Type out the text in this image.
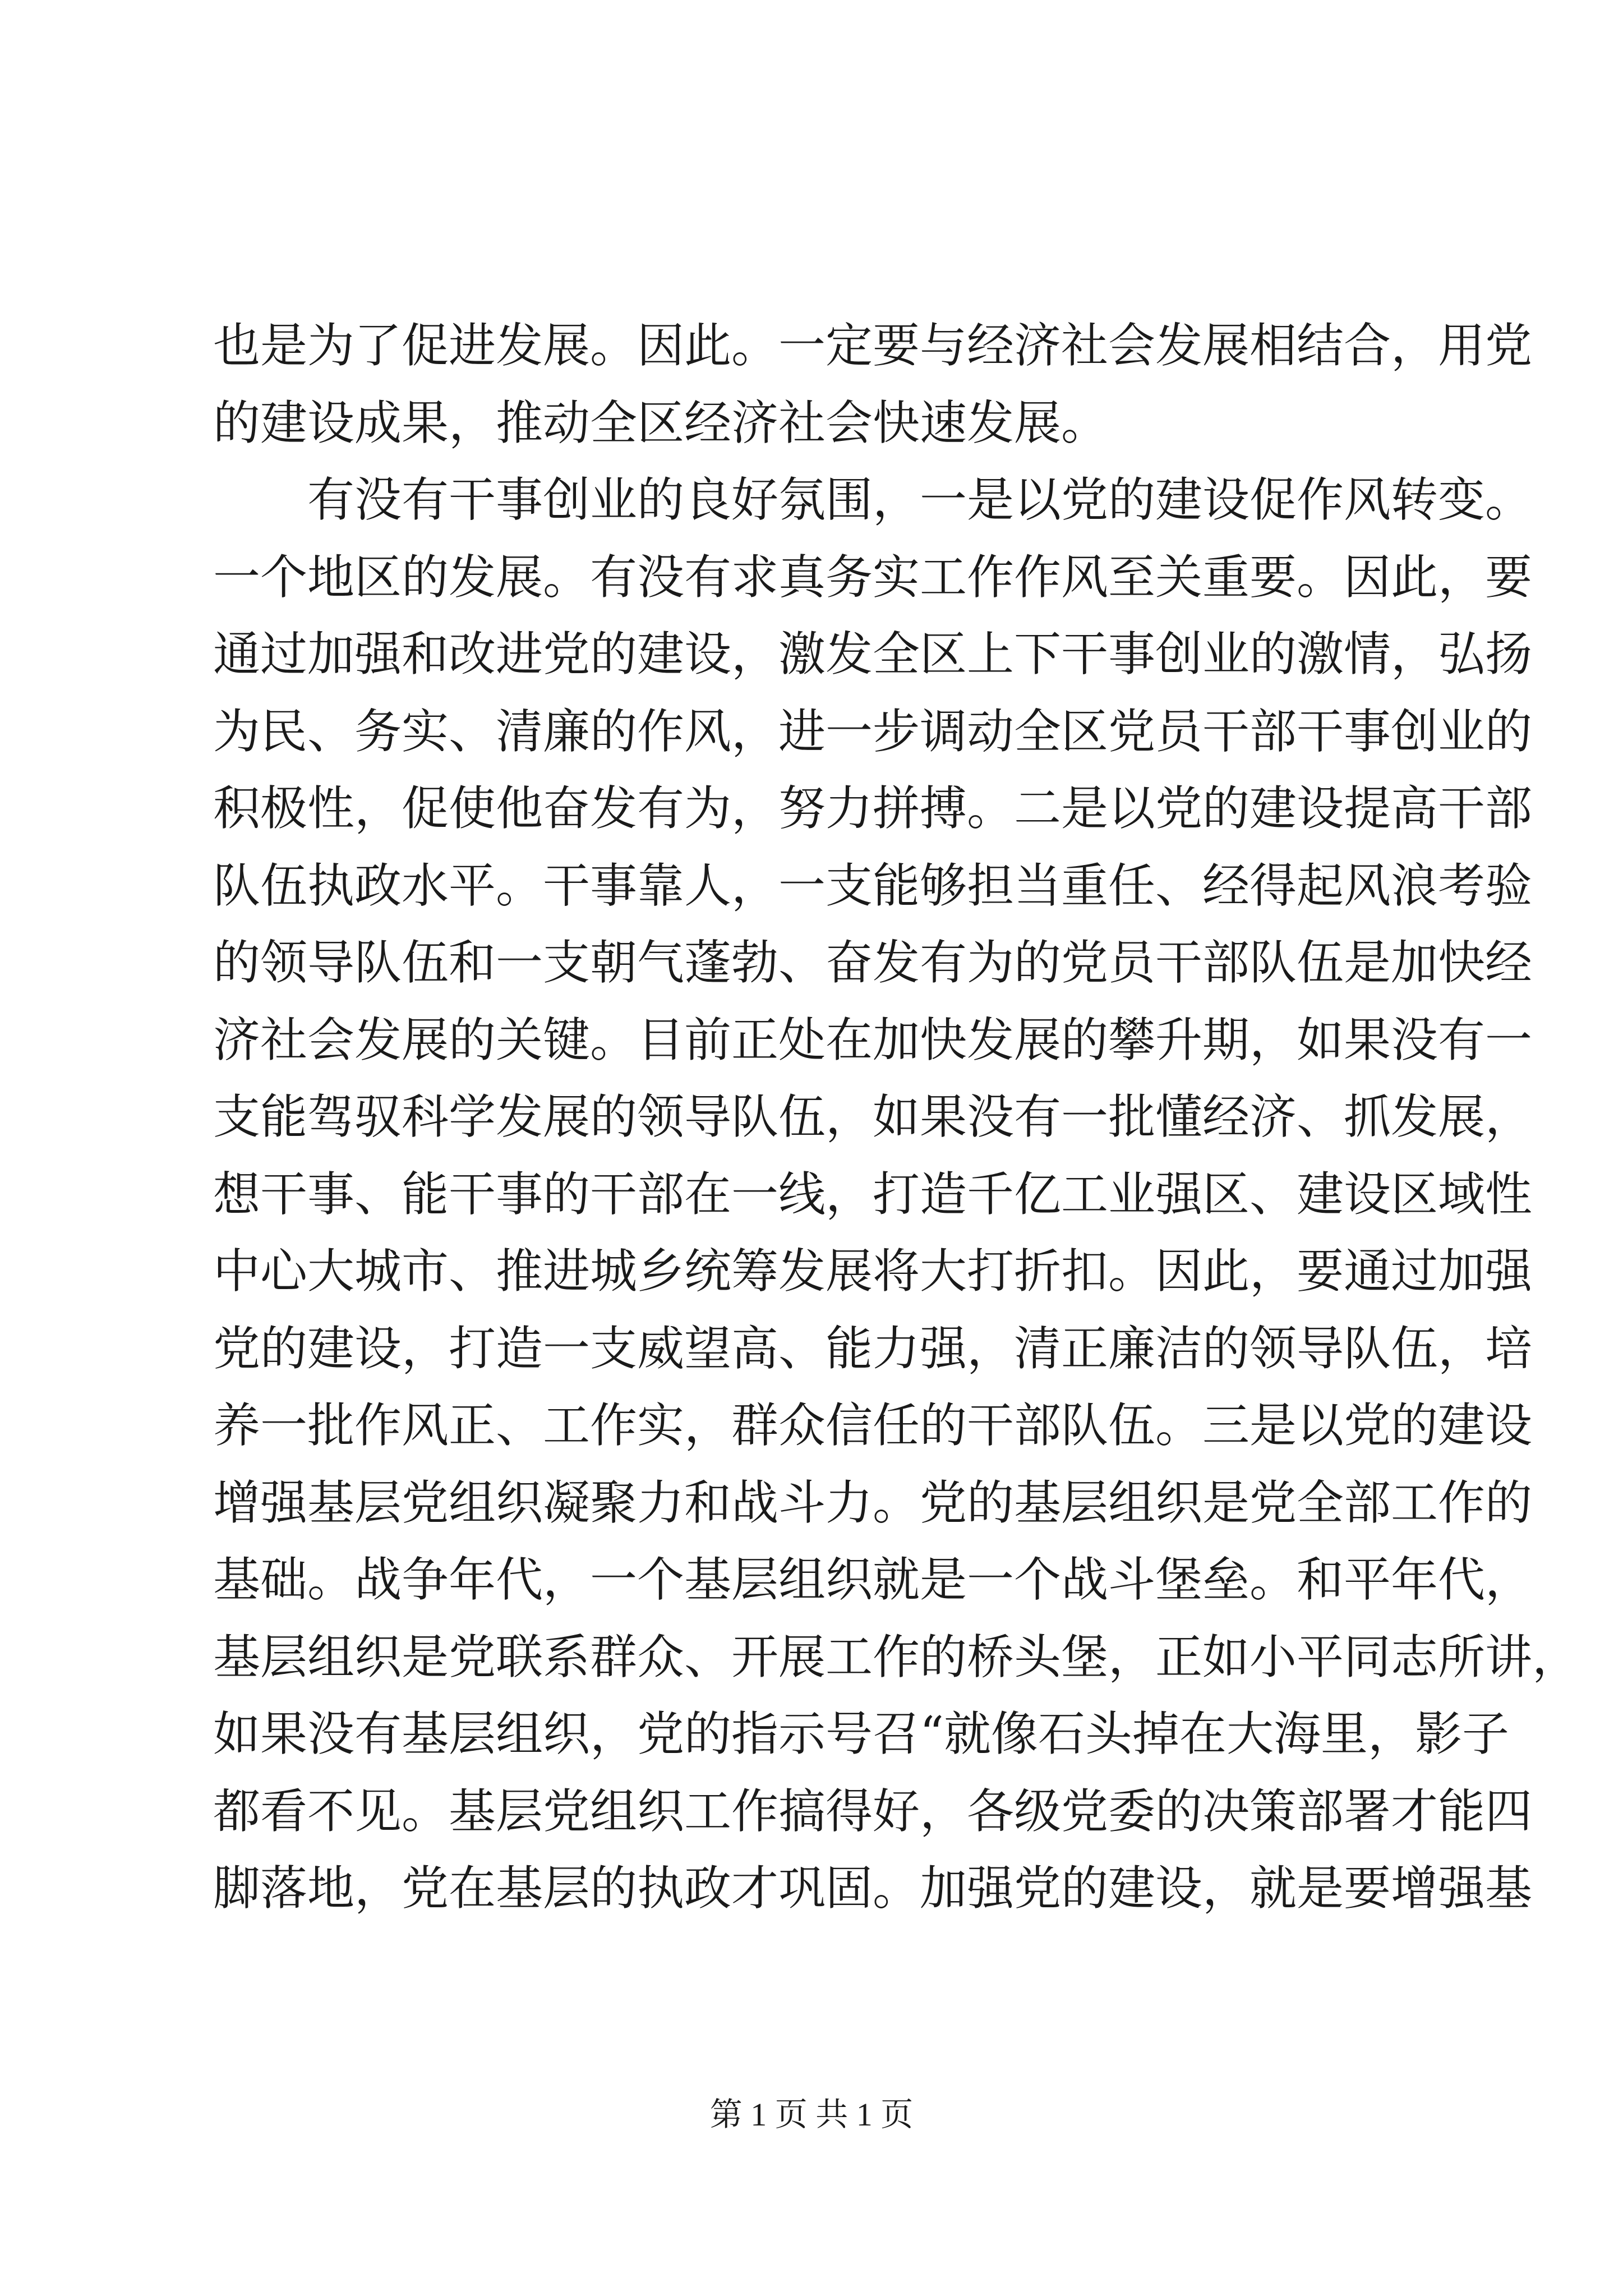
也是为了促进发展。因此。一定要与经济社会发展相结合，用党
的建设成果，推动全区经济社会快速发展。
　　有没有干事创业的良好氛围，一是以党的建设促作风转变。
一个地区的发展。有没有求真务实工作作风至关重要。因此，要
通过加强和改进党的建设，激发全区上下干事创业的激情，弘扬
为民、务实、清廉的作风，进一步调动全区党员干部干事创业的
积极性，促使他奋发有为，努力拼搏。二是以党的建设提高干部
队伍执政水平。干事靠人，一支能够担当重任、经得起风浪考验
的领导队伍和一支朝气蓬勃、奋发有为的党员干部队伍是加快经
济社会发展的关键。目前正处在加快发展的攀升期，如果没有一
支能驾驭科学发展的领导队伍，如果没有一批懂经济、抓发展，
想干事、能干事的干部在一线，打造千亿工业强区、建设区域性
中心大城市、推进城乡统筹发展将大打折扣。因此，要通过加强
党的建设，打造一支威望高、能力强，清正廉洁的领导队伍，培
养一批作风正、工作实，群众信任的干部队伍。三是以党的建设
增强基层党组织凝聚力和战斗力。党的基层组织是党全部工作的
基础。战争年代，一个基层组织就是一个战斗堡垒。和平年代，
基层组织是党联系群众、开展工作的桥头堡，正如小平同志所讲，
如果没有基层组织，党的指示号召“就像石头掉在大海里，影子
都看不见。基层党组织工作搞得好，各级党委的决策部署才能四
脚落地，党在基层的执政才巩固。加强党的建设，就是要增强基
第 1 页 共 1 页
